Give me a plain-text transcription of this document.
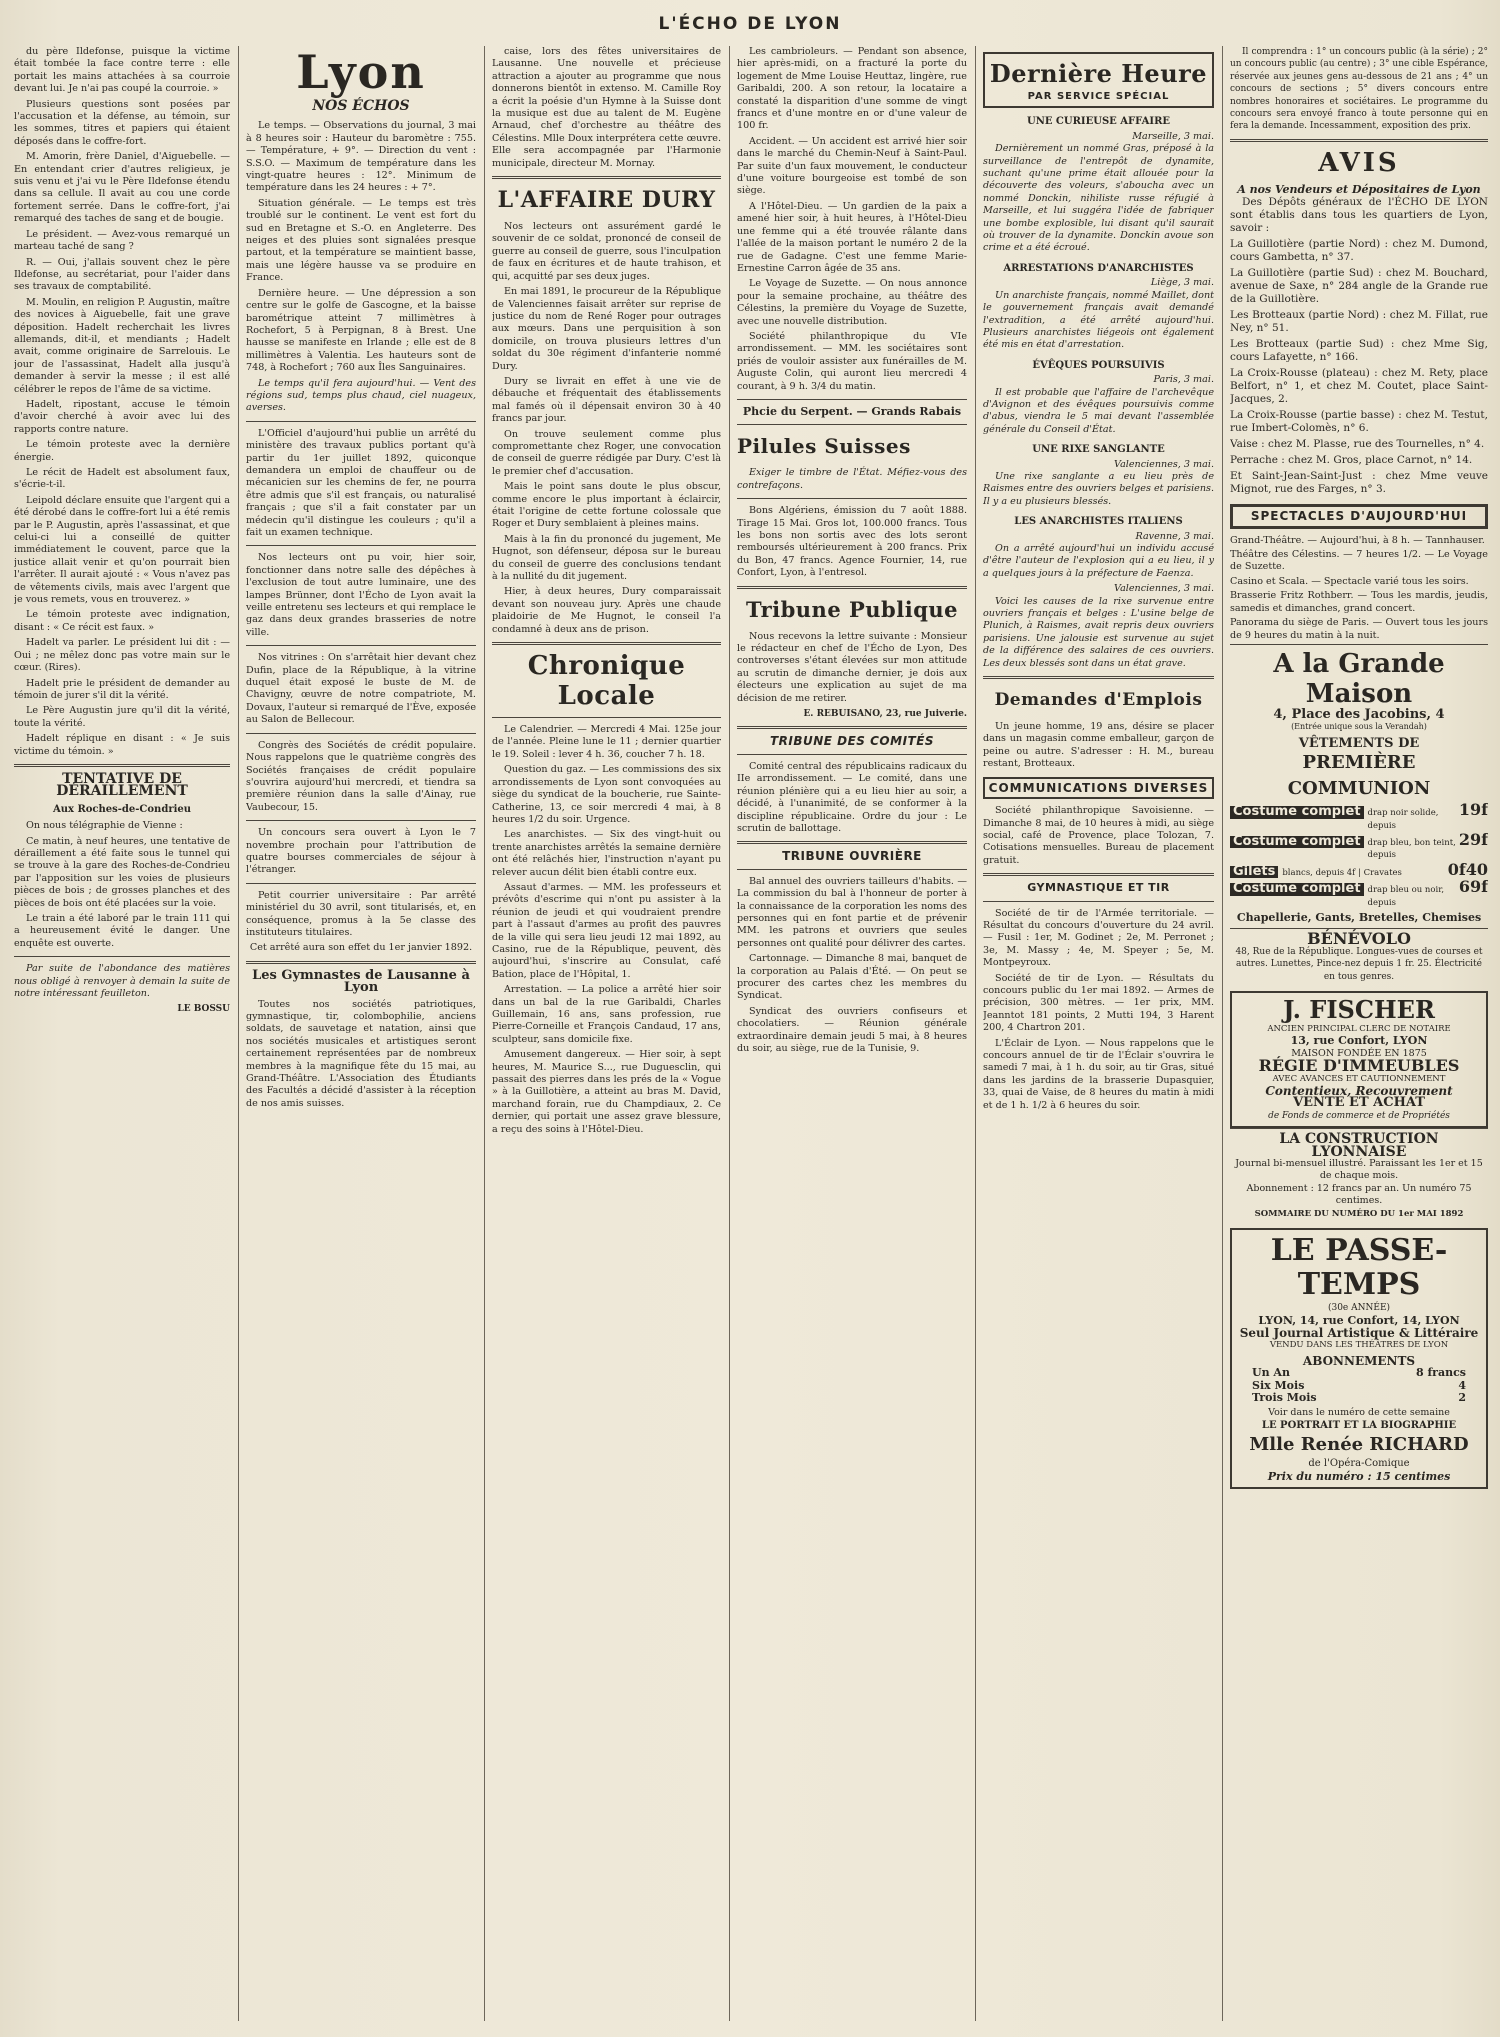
L'ÉCHO DE LYON

du père Ildefonse, puisque la victime était tombée la face contre terre : elle portait les mains attachées à sa courroie devant lui. Je n'ai pas coupé la courroie. »

Plusieurs questions sont posées par l'accusation et la défense, au témoin, sur les sommes, titres et papiers qui étaient déposés dans le coffre-fort.

M. Amorin, frère Daniel, d'Aiguebelle. — En entendant crier d'autres religieux, je suis venu et j'ai vu le Père Ildefonse étendu dans sa cellule. Il avait au cou une corde fortement serrée. Dans le coffre-fort, j'ai remarqué des taches de sang et de bougie.

Le président. — Avez-vous remarqué un marteau taché de sang ?

R. — Oui, j'allais souvent chez le père Ildefonse, au secrétariat, pour l'aider dans ses travaux de comptabilité.

M. Moulin, en religion P. Augustin, maître des novices à Aiguebelle, fait une grave déposition. Hadelt recherchait les livres allemands, dit-il, et mendiants ; Hadelt avait, comme originaire de Sarrelouis. Le jour de l'assassinat, Hadelt alla jusqu'à demander à servir la messe ; il est allé célébrer le repos de l'âme de sa victime.

Hadelt, ripostant, accuse le témoin d'avoir cherché à avoir avec lui des rapports contre nature.

Le témoin proteste avec la dernière énergie.

Le récit de Hadelt est absolument faux, s'écrie-t-il.

Leipold déclare ensuite que l'argent qui a été dérobé dans le coffre-fort lui a été remis par le P. Augustin, après l'assassinat, et que celui-ci lui a conseillé de quitter immédiatement le couvent, parce que la justice allait venir et qu'on pourrait bien l'arrêter. Il aurait ajouté : « Vous n'avez pas de vêtements civils, mais avec l'argent que je vous remets, vous en trouverez. »

Le témoin proteste avec indignation, disant : « Ce récit est faux. »

Hadelt va parler. Le président lui dit : — Oui ; ne mêlez donc pas votre main sur le cœur. (Rires).

Hadelt prie le président de demander au témoin de jurer s'il dit la vérité.

Le Père Augustin jure qu'il dit la vérité, toute la vérité.

Hadelt réplique en disant : « Je suis victime du témoin. »

TENTATIVE DE DÉRAILLEMENT
Aux Roches-de-Condrieu

On nous télégraphie de Vienne :

Ce matin, à neuf heures, une tentative de déraillement a été faite sous le tunnel qui se trouve à la gare des Roches-de-Condrieu par l'apposition sur les voies de plusieurs pièces de bois ; de grosses planches et des pièces de bois ont été placées sur la voie.

Le train a été laboré par le train 111 qui a heureusement évité le danger. Une enquête est ouverte.

Par suite de l'abondance des matières nous obligé à renvoyer à demain la suite de notre intéressant feuilleton.

LE BOSSU
Lyon
NOS ÉCHOS

Le temps. — Observations du journal, 3 mai à 8 heures soir : Hauteur du baromètre : 755. — Température, + 9°. — Direction du vent : S.S.O. — Maximum de température dans les vingt-quatre heures : 12°. Minimum de température dans les 24 heures : + 7°.

Situation générale. — Le temps est très troublé sur le continent. Le vent est fort du sud en Bretagne et S.-O. en Angleterre. Des neiges et des pluies sont signalées presque partout, et la température se maintient basse, mais une légère hausse va se produire en France.

Dernière heure. — Une dépression a son centre sur le golfe de Gascogne, et la baisse barométrique atteint 7 millimètres à Rochefort, 5 à Perpignan, 8 à Brest. Une hausse se manifeste en Irlande ; elle est de 8 millimètres à Valentia. Les hauteurs sont de 748, à Rochefort ; 760 aux Îles Sanguinaires.

Le temps qu'il fera aujourd'hui. — Vent des régions sud, temps plus chaud, ciel nuageux, averses.

L'Officiel d'aujourd'hui publie un arrêté du ministère des travaux publics portant qu'à partir du 1er juillet 1892, quiconque demandera un emploi de chauffeur ou de mécanicien sur les chemins de fer, ne pourra être admis que s'il est français, ou naturalisé français ; que s'il a fait constater par un médecin qu'il distingue les couleurs ; qu'il a fait un examen technique.

Nos lecteurs ont pu voir, hier soir, fonctionner dans notre salle des dépêches à l'exclusion de tout autre luminaire, une des lampes Brünner, dont l'Écho de Lyon avait la veille entretenu ses lecteurs et qui remplace le gaz dans deux grandes brasseries de notre ville.

Nos vitrines : On s'arrêtait hier devant chez Dufin, place de la République, à la vitrine duquel était exposé le buste de M. de Chavigny, œuvre de notre compatriote, M. Dovaux, l'auteur si remarqué de l'Ève, exposée au Salon de Bellecour.

Congrès des Sociétés de crédit populaire. Nous rappelons que le quatrième congrès des Sociétés françaises de crédit populaire s'ouvrira aujourd'hui mercredi, et tiendra sa première réunion dans la salle d'Ainay, rue Vaubecour, 15.

Un concours sera ouvert à Lyon le 7 novembre prochain pour l'attribution de quatre bourses commerciales de séjour à l'étranger.

Petit courrier universitaire : Par arrêté ministériel du 30 avril, sont titularisés, et, en conséquence, promus à la 5e classe des instituteurs titulaires.

Cet arrêté aura son effet du 1er janvier 1892.

Les Gymnastes de Lausanne à Lyon

Toutes nos sociétés patriotiques, gymnastique, tir, colombophilie, anciens soldats, de sauvetage et natation, ainsi que nos sociétés musicales et artistiques seront certainement représentées par de nombreux membres à la magnifique fête du 15 mai, au Grand-Théâtre. L'Association des Étudiants des Facultés a décidé d'assister à la réception de nos amis suisses.

caise, lors des fêtes universitaires de Lausanne. Une nouvelle et précieuse attraction a ajouter au programme que nous donnerons bientôt in extenso. M. Camille Roy a écrit la poésie d'un Hymne à la Suisse dont la musique est due au talent de M. Eugène Arnaud, chef d'orchestre au théâtre des Célestins. Mlle Doux interprétera cette œuvre. Elle sera accompagnée par l'Harmonie municipale, directeur M. Mornay.

L'AFFAIRE DURY

Nos lecteurs ont assurément gardé le souvenir de ce soldat, prononcé de conseil de guerre au conseil de guerre, sous l'inculpation de faux en écritures et de haute trahison, et qui, acquitté par ses deux juges.

En mai 1891, le procureur de la République de Valenciennes faisait arrêter sur reprise de justice du nom de René Roger pour outrages aux mœurs. Dans une perquisition à son domicile, on trouva plusieurs lettres d'un soldat du 30e régiment d'infanterie nommé Dury.

Dury se livrait en effet à une vie de débauche et fréquentait des établissements mal famés où il dépensait environ 30 à 40 francs par jour.

On trouve seulement comme plus compromettante chez Roger, une convocation de conseil de guerre rédigée par Dury. C'est là le premier chef d'accusation.

Mais le point sans doute le plus obscur, comme encore le plus important à éclaircir, était l'origine de cette fortune colossale que Roger et Dury semblaient à pleines mains.

Mais à la fin du prononcé du jugement, Me Hugnot, son défenseur, déposa sur le bureau du conseil de guerre des conclusions tendant à la nullité du dit jugement.

Hier, à deux heures, Dury comparaissait devant son nouveau jury. Après une chaude plaidoirie de Me Hugnot, le conseil l'a condamné à deux ans de prison.

Chronique Locale

Le Calendrier. — Mercredi 4 Mai. 125e jour de l'année. Pleine lune le 11 ; dernier quartier le 19. Soleil : lever 4 h. 36, coucher 7 h. 18.

Question du gaz. — Les commissions des six arrondissements de Lyon sont convoquées au siège du syndicat de la boucherie, rue Sainte-Catherine, 13, ce soir mercredi 4 mai, à 8 heures 1/2 du soir. Urgence.

Les anarchistes. — Six des vingt-huit ou trente anarchistes arrêtés la semaine dernière ont été relâchés hier, l'instruction n'ayant pu relever aucun délit bien établi contre eux.

Assaut d'armes. — MM. les professeurs et prévôts d'escrime qui n'ont pu assister à la réunion de jeudi et qui voudraient prendre part à l'assaut d'armes au profit des pauvres de la ville qui sera lieu jeudi 12 mai 1892, au Casino, rue de la République, peuvent, dès aujourd'hui, s'inscrire au Consulat, café Bation, place de l'Hôpital, 1.

Arrestation. — La police a arrêté hier soir dans un bal de la rue Garibaldi, Charles Guillemain, 16 ans, sans profession, rue Pierre-Corneille et François Candaud, 17 ans, sculpteur, sans domicile fixe.

Amusement dangereux. — Hier soir, à sept heures, M. Maurice S..., rue Duguesclin, qui passait des pierres dans les prés de la « Vogue » à la Guillotière, a atteint au bras M. David, marchand forain, rue du Champdiaux, 2. Ce dernier, qui portait une assez grave blessure, a reçu des soins à l'Hôtel-Dieu.

Les cambrioleurs. — Pendant son absence, hier après-midi, on a fracturé la porte du logement de Mme Louise Heuttaz, lingère, rue Garibaldi, 200. A son retour, la locataire a constaté la disparition d'une somme de vingt francs et d'une montre en or d'une valeur de 100 fr.

Accident. — Un accident est arrivé hier soir dans le marché du Chemin-Neuf à Saint-Paul. Par suite d'un faux mouvement, le conducteur d'une voiture bourgeoise est tombé de son siège.

A l'Hôtel-Dieu. — Un gardien de la paix a amené hier soir, à huit heures, à l'Hôtel-Dieu une femme qui a été trouvée râlante dans l'allée de la maison portant le numéro 2 de la rue de Gadagne. C'est une femme Marie-Ernestine Carron âgée de 35 ans.

Le Voyage de Suzette. — On nous annonce pour la semaine prochaine, au théâtre des Célestins, la première du Voyage de Suzette, avec une nouvelle distribution.

Société philanthropique du VIe arrondissement. — MM. les sociétaires sont priés de vouloir assister aux funérailles de M. Auguste Colin, qui auront lieu mercredi 4 courant, à 9 h. 3/4 du matin.

Phcie du Serpent. — Grands Rabais
Pilules Suisses

Exiger le timbre de l'État. Méfiez-vous des contrefaçons.

Bons Algériens, émission du 7 août 1888. Tirage 15 Mai. Gros lot, 100.000 francs. Tous les bons non sortis avec des lots seront remboursés ultérieurement à 200 francs. Prix du Bon, 47 francs. Agence Fournier, 14, rue Confort, Lyon, à l'entresol.

Tribune Publique

Nous recevons la lettre suivante : Monsieur le rédacteur en chef de l'Écho de Lyon, Des controverses s'étant élevées sur mon attitude au scrutin de dimanche dernier, je dois aux électeurs une explication au sujet de ma décision de me retirer.

E. REBUISANO, 23, rue Juiverie.
TRIBUNE DES COMITÉS

Comité central des républicains radicaux du IIe arrondissement. — Le comité, dans une réunion plénière qui a eu lieu hier au soir, a décidé, à l'unanimité, de se conformer à la discipline républicaine. Ordre du jour : Le scrutin de ballottage.

TRIBUNE OUVRIÈRE

Bal annuel des ouvriers tailleurs d'habits. — La commission du bal à l'honneur de porter à la connaissance de la corporation les noms des personnes qui en font partie et de prévenir MM. les patrons et ouvriers que seules personnes ont qualité pour délivrer des cartes.

Cartonnage. — Dimanche 8 mai, banquet de la corporation au Palais d'Été. — On peut se procurer des cartes chez les membres du Syndicat.

Syndicat des ouvriers confiseurs et chocolatiers. — Réunion générale extraordinaire demain jeudi 5 mai, à 8 heures du soir, au siège, rue de la Tunisie, 9.

Dernière Heure
PAR SERVICE SPÉCIAL
UNE CURIEUSE AFFAIRE
Marseille, 3 mai.

Dernièrement un nommé Gras, préposé à la surveillance de l'entrepôt de dynamite, suchant qu'une prime était allouée pour la découverte des voleurs, s'aboucha avec un nommé Donckin, nihiliste russe réfugié à Marseille, et lui suggéra l'idée de fabriquer une bombe explosible, lui disant qu'il saurait où trouver de la dynamite. Donckin avoue son crime et a été écroué.

ARRESTATIONS D'ANARCHISTES
Liège, 3 mai.

Un anarchiste français, nommé Maillet, dont le gouvernement français avait demandé l'extradition, a été arrêté aujourd'hui. Plusieurs anarchistes liégeois ont également été mis en état d'arrestation.

ÉVÊQUES POURSUIVIS
Paris, 3 mai.

Il est probable que l'affaire de l'archevêque d'Avignon et des évêques poursuivis comme d'abus, viendra le 5 mai devant l'assemblée générale du Conseil d'État.

UNE RIXE SANGLANTE
Valenciennes, 3 mai.

Une rixe sanglante a eu lieu près de Raismes entre des ouvriers belges et parisiens. Il y a eu plusieurs blessés.

LES ANARCHISTES ITALIENS
Ravenne, 3 mai.

On a arrêté aujourd'hui un individu accusé d'être l'auteur de l'explosion qui a eu lieu, il y a quelques jours à la préfecture de Faenza.

Valenciennes, 3 mai.

Voici les causes de la rixe survenue entre ouvriers français et belges : L'usine belge de Plunich, à Raismes, avait repris deux ouvriers parisiens. Une jalousie est survenue au sujet de la différence des salaires de ces ouvriers. Les deux blessés sont dans un état grave.

Demandes d'Emplois

Un jeune homme, 19 ans, désire se placer dans un magasin comme emballeur, garçon de peine ou autre. S'adresser : H. M., bureau restant, Brotteaux.

COMMUNICATIONS DIVERSES

Société philanthropique Savoisienne. — Dimanche 8 mai, de 10 heures à midi, au siège social, café de Provence, place Tolozan, 7. Cotisations mensuelles. Bureau de placement gratuit.

GYMNASTIQUE ET TIR

Société de tir de l'Armée territoriale. — Résultat du concours d'ouverture du 24 avril. — Fusil : 1er, M. Godinet ; 2e, M. Perronet ; 3e, M. Massy ; 4e, M. Speyer ; 5e, M. Montpeyroux.

Société de tir de Lyon. — Résultats du concours public du 1er mai 1892. — Armes de précision, 300 mètres. — 1er prix, MM. Jeanntot 181 points, 2 Mutti 194, 3 Harent 200, 4 Chartron 201.

L'Éclair de Lyon. — Nous rappelons que le concours annuel de tir de l'Éclair s'ouvrira le samedi 7 mai, à 1 h. du soir, au tir Gras, situé dans les jardins de la brasserie Dupasquier, 33, quai de Vaise, de 8 heures du matin à midi et de 1 h. 1/2 à 6 heures du soir.

Il comprendra : 1° un concours public (à la série) ; 2° un concours public (au centre) ; 3° une cible Espérance, réservée aux jeunes gens au-dessous de 21 ans ; 4° un concours de sections ; 5° divers concours entre nombres honoraires et sociétaires. Le programme du concours sera envoyé franco à toute personne qui en fera la demande. Incessamment, exposition des prix.

AVIS
A nos Vendeurs et Dépositaires de Lyon

Des Dépôts généraux de l'ÉCHO DE LYON sont établis dans tous les quartiers de Lyon, savoir :

La Guillotière (partie Nord) : chez M. Dumond, cours Gambetta, n° 37.

La Guillotière (partie Sud) : chez M. Bouchard, avenue de Saxe, n° 284 angle de la Grande rue de la Guillotière.

Les Brotteaux (partie Nord) : chez M. Fillat, rue Ney, n° 51.

Les Brotteaux (partie Sud) : chez Mme Sig, cours Lafayette, n° 166.

La Croix-Rousse (plateau) : chez M. Rety, place Belfort, n° 1, et chez M. Coutet, place Saint-Jacques, 2.

La Croix-Rousse (partie basse) : chez M. Testut, rue Imbert-Colomès, n° 6.

Vaise : chez M. Plasse, rue des Tournelles, n° 4.

Perrache : chez M. Gros, place Carnot, n° 14.

Et Saint-Jean-Saint-Just : chez Mme veuve Mignot, rue des Farges, n° 3.

SPECTACLES D'AUJOURD'HUI

Grand-Théâtre. — Aujourd'hui, à 8 h. — Tannhauser.

Théâtre des Célestins. — 7 heures 1/2. — Le Voyage de Suzette.

Casino et Scala. — Spectacle varié tous les soirs.

Brasserie Fritz Rothberr. — Tous les mardis, jeudis, samedis et dimanches, grand concert.

Panorama du siège de Paris. — Ouvert tous les jours de 9 heures du matin à la nuit.

A la Grande Maison
4, Place des Jacobins, 4
(Entrée unique sous la Verandah)
VÊTEMENTS DE
PREMIÈRE COMMUNION
Costume complet drap noir solide, depuis
19f
Costume complet drap bleu, bon teint, depuis
29f
Gilets blancs, depuis 4f | Cravates	0f40
Costume complet drap bleu ou noir, depuis
69f
Chapellerie, Gants, Bretelles, Chemises
BÉNÉVOLO
48, Rue de la République. Longues-vues de courses et autres. Lunettes, Pince-nez depuis 1 fr. 25. Électricité en tous genres.
J. FISCHER
ANCIEN PRINCIPAL CLERC DE NOTAIRE
13, rue Confort, LYON
MAISON FONDÉE EN 1875
RÉGIE D'IMMEUBLES
AVEC AVANCES ET CAUTIONNEMENT
Contentieux, Recouvrement
VENTE ET ACHAT
de Fonds de commerce et de Propriétés
LA CONSTRUCTION LYONNAISE
Journal bi-mensuel illustré. Paraissant les 1er et 15 de chaque mois.
Abonnement : 12 francs par an. Un numéro 75 centimes.
SOMMAIRE DU NUMÉRO DU 1er MAI 1892
LE PASSE-TEMPS
(30e ANNÉE)
LYON, 14, rue Confort, 14, LYON
Seul Journal Artistique & Littéraire
VENDU DANS LES THÉÂTRES DE LYON
ABONNEMENTS
Un An	8 francs
Six Mois	4
Trois Mois	2
Voir dans le numéro de cette semaine
LE PORTRAIT ET LA BIOGRAPHIE
Mlle Renée RICHARD
de l'Opéra-Comique
Prix du numéro : 15 centimes
